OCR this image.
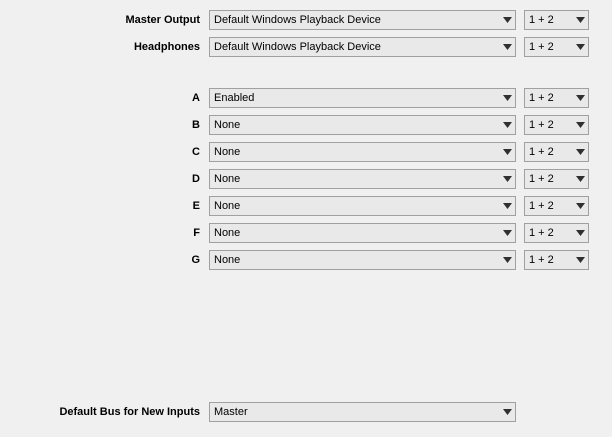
Master Output	Default Windows Playback Device	1 + 2
Headphones	Default Windows Playback Device	1 + 2
A	Enabled	1 + 2
B	None	1 + 2
C	None	1 + 2
D	None	1 + 2
E	None	1 + 2
F	None	1 + 2
G	None	1 + 2
Default Bus for New Inputs	Master
